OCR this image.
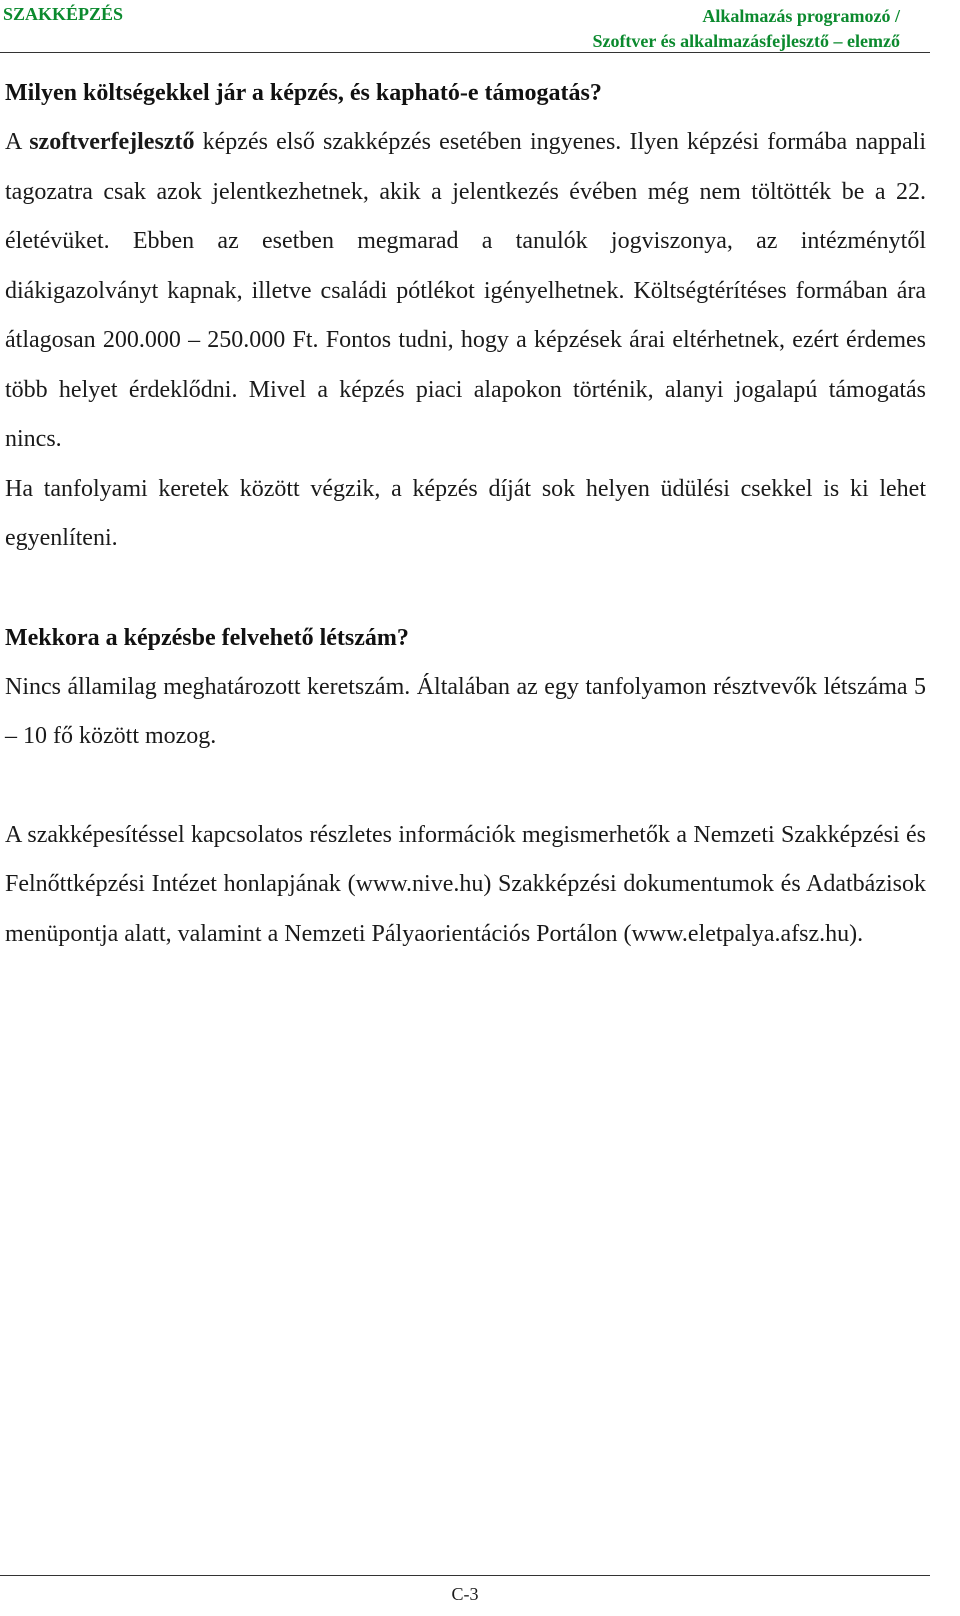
SZAKKÉPZÉS	Alkalmazás programozó /
Szoftver és alkalmazásfejlesztő – elemző
Milyen költségekkel jár a képzés, és kapható-e támogatás?

A szoftverfejlesztő képzés első szakképzés esetében ingyenes. Ilyen képzési formába nappali tagozatra csak azok jelentkezhetnek, akik a jelentkezés évében még nem töltötték be a 22. életévüket. Ebben az esetben megmarad a tanulók jogviszonya, az intézménytől diákigazolványt kapnak, illetve családi pótlékot igényelhetnek. Költségtérítéses formában ára átlagosan 200.000 – 250.000 Ft. Fontos tudni, hogy a képzések árai eltérhetnek, ezért érdemes több helyet érdeklődni. Mivel a képzés piaci alapokon történik, alanyi jogalapú támogatás nincs.

Ha tanfolyami keretek között végzik, a képzés díját sok helyen üdülési csekkel is ki lehet egyenlíteni.

Mekkora a képzésbe felvehető létszám?

Nincs államilag meghatározott keretszám. Általában az egy tanfolyamon résztvevők létszáma 5 – 10 fő között mozog.

A szakképesítéssel kapcsolatos részletes információk megismerhetők a Nemzeti Szakképzési és Felnőttképzési Intézet honlapjának (www.nive.hu) Szakképzési dokumentumok és Adatbázisok menüpontja alatt, valamint a Nemzeti Pályaorientációs Portálon (www.eletpalya.afsz.hu).

C-3
